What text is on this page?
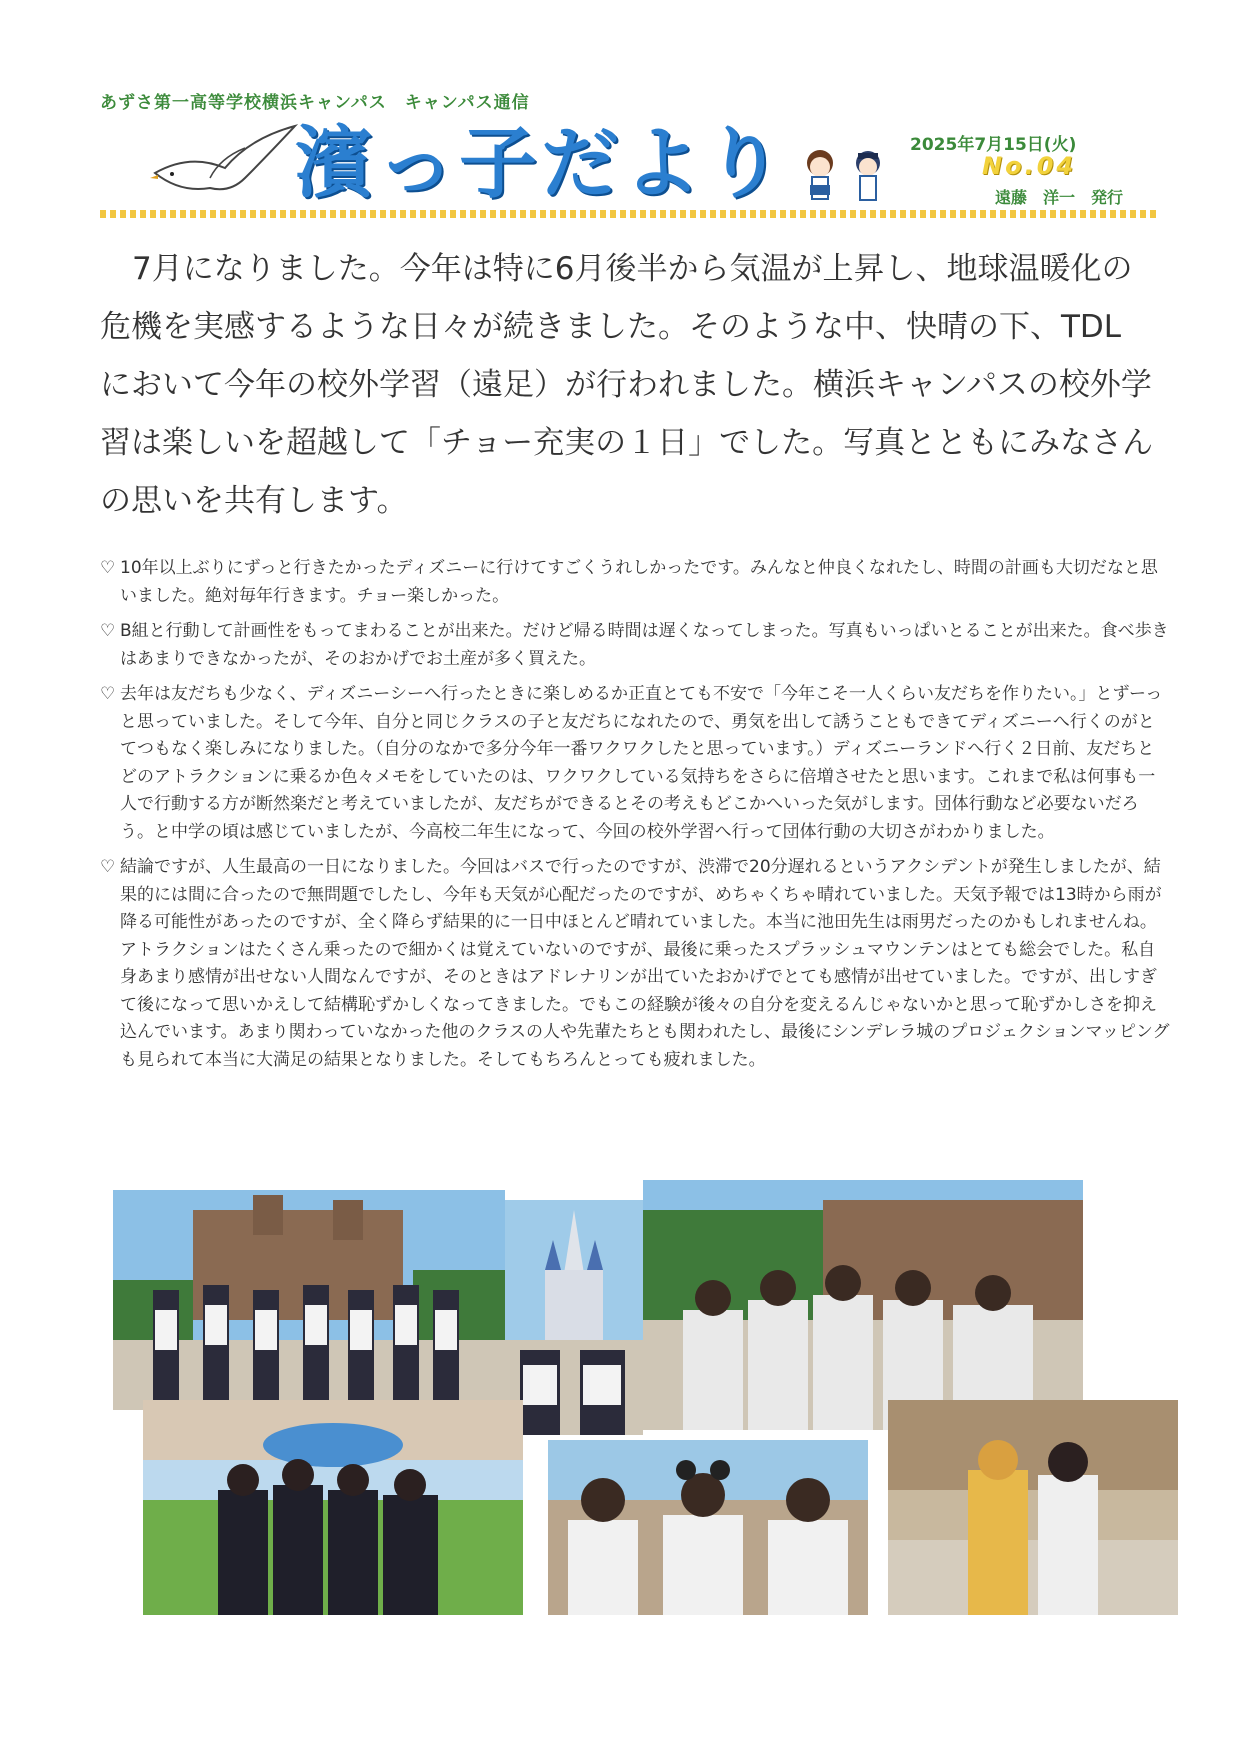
あずさ第一高等学校横浜キャンパス　キャンパス通信
濱っ子だより	2025年7月15日(火)
No.04
遠藤　洋一　発行

7月になりました。今年は特に6月後半から気温が上昇し、地球温暖化の危機を実感するような日々が続きました。そのような中、快晴の下、TDL において今年の校外学習（遠足）が行われました。横浜キャンパスの校外学習は楽しいを超越して「チョー充実の１日」でした。写真とともにみなさんの思いを共有します。

♡ 10年以上ぶりにずっと行きたかったディズニーに行けてすごくうれしかったです。みんなと仲良くなれたし、時間の計画も大切だなと思いました。絶対毎年行きます。チョー楽しかった。
♡ B組と行動して計画性をもってまわることが出来た。だけど帰る時間は遅くなってしまった。写真もいっぱいとることが出来た。食べ歩きはあまりできなかったが、そのおかげでお土産が多く買えた。
♡ 去年は友だちも少なく、ディズニーシーへ行ったときに楽しめるか正直とても不安で「今年こそ一人くらい友だちを作りたい。」とずーっと思っていました。そして今年、自分と同じクラスの子と友だちになれたので、勇気を出して誘うこともできてディズニーへ行くのがとてつもなく楽しみになりました。（自分のなかで多分今年一番ワクワクしたと思っています。）ディズニーランドへ行く２日前、友だちとどのアトラクションに乗るか色々メモをしていたのは、ワクワクしている気持ちをさらに倍増させたと思います。これまで私は何事も一人で行動する方が断然楽だと考えていましたが、友だちができるとその考えもどこかへいった気がします。団体行動など必要ないだろう。と中学の頃は感じていましたが、今高校二年生になって、今回の校外学習へ行って団体行動の大切さがわかりました。
♡ 結論ですが、人生最高の一日になりました。今回はバスで行ったのですが、渋滞で20分遅れるというアクシデントが発生しましたが、結果的には間に合ったので無問題でしたし、今年も天気が心配だったのですが、めちゃくちゃ晴れていました。天気予報では13時から雨が降る可能性があったのですが、全く降らず結果的に一日中ほとんど晴れていました。本当に池田先生は雨男だったのかもしれませんね。アトラクションはたくさん乗ったので細かくは覚えていないのですが、最後に乗ったスプラッシュマウンテンはとても総会でした。私自身あまり感情が出せない人間なんですが、そのときはアドレナリンが出ていたおかげでとても感情が出せていました。ですが、出しすぎて後になって思いかえして結構恥ずかしくなってきました。でもこの経験が後々の自分を変えるんじゃないかと思って恥ずかしさを抑え込んでいます。あまり関わっていなかった他のクラスの人や先輩たちとも関われたし、最後にシンデレラ城のプロジェクションマッピングも見られて本当に大満足の結果となりました。そしてもちろんとっても疲れました。
